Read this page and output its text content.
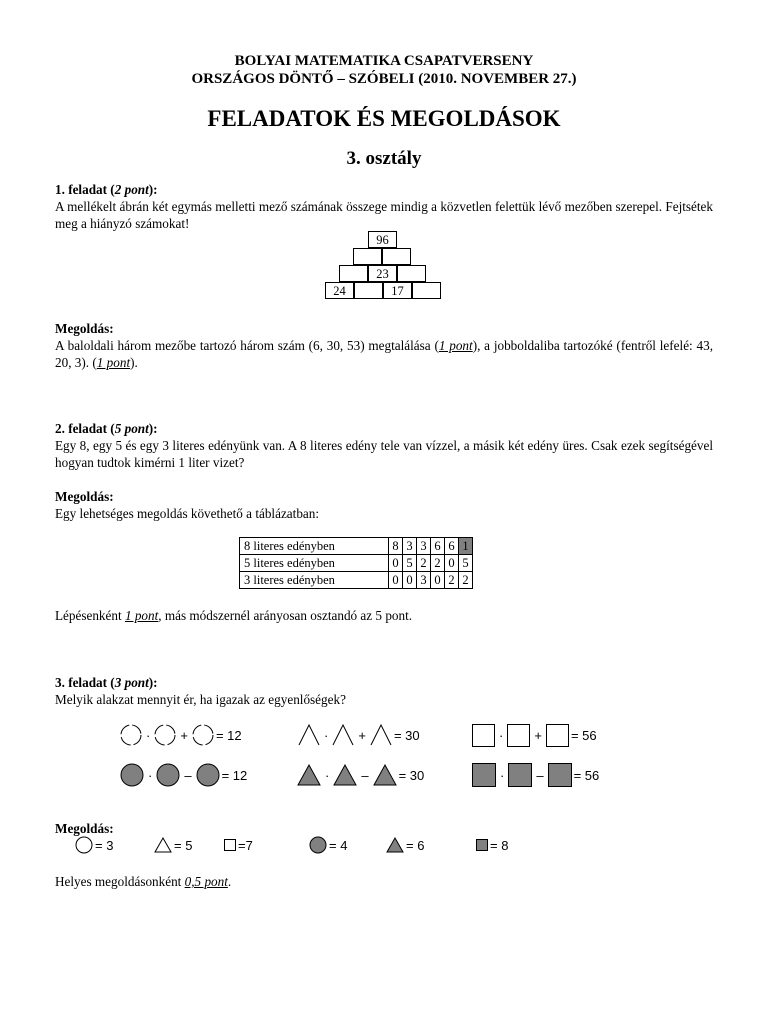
BOLYAI MATEMATIKA CSAPATVERSENY
ORSZÁGOS DÖNTŐ – SZÓBELI (2010. NOVEMBER 27.)
FELADATOK ÉS MEGOLDÁSOK
3. osztály
1. feladat (2 pont):
A mellékelt ábrán két egymás melletti mező számának összege mindig a közvetlen felettük lévő mezőben szerepel. Fejtsétek meg a hiányzó számokat!
96
23
24	17
Megoldás:
A baloldali három mezőbe tartozó három szám (6, 30, 53) megtalálása (1 pont), a jobboldaliba tartozóké (fentről lefelé: 43, 20, 3). (1 pont).
2. feladat (5 pont):
Egy 8, egy 5 és egy 3 literes edényünk van. A 8 literes edény tele van vízzel, a másik két edény üres. Csak ezek segítségével hogyan tudtok kimérni 1 liter vizet?
Megoldás:
Egy lehetséges megoldás követhető a táblázatban:
8 literes edényben	8	3	3	6	6	1
5 literes edényben	0	5	2	2	0	5
3 literes edényben	0	0	3	0	2	2
Lépésenként 1 pont, más módszernél arányosan osztandó az 5 pont.
3. feladat (3 pont):
Melyik alakzat mennyit ér, ha igazak az egyenlőségek?
· + = 12	· + = 30	· + = 56
· – = 12	· – = 30	· – = 56
Megoldás:
= 3	= 5	=7	= 4	= 6	= 8
Helyes megoldásonként 0,5 pont.
